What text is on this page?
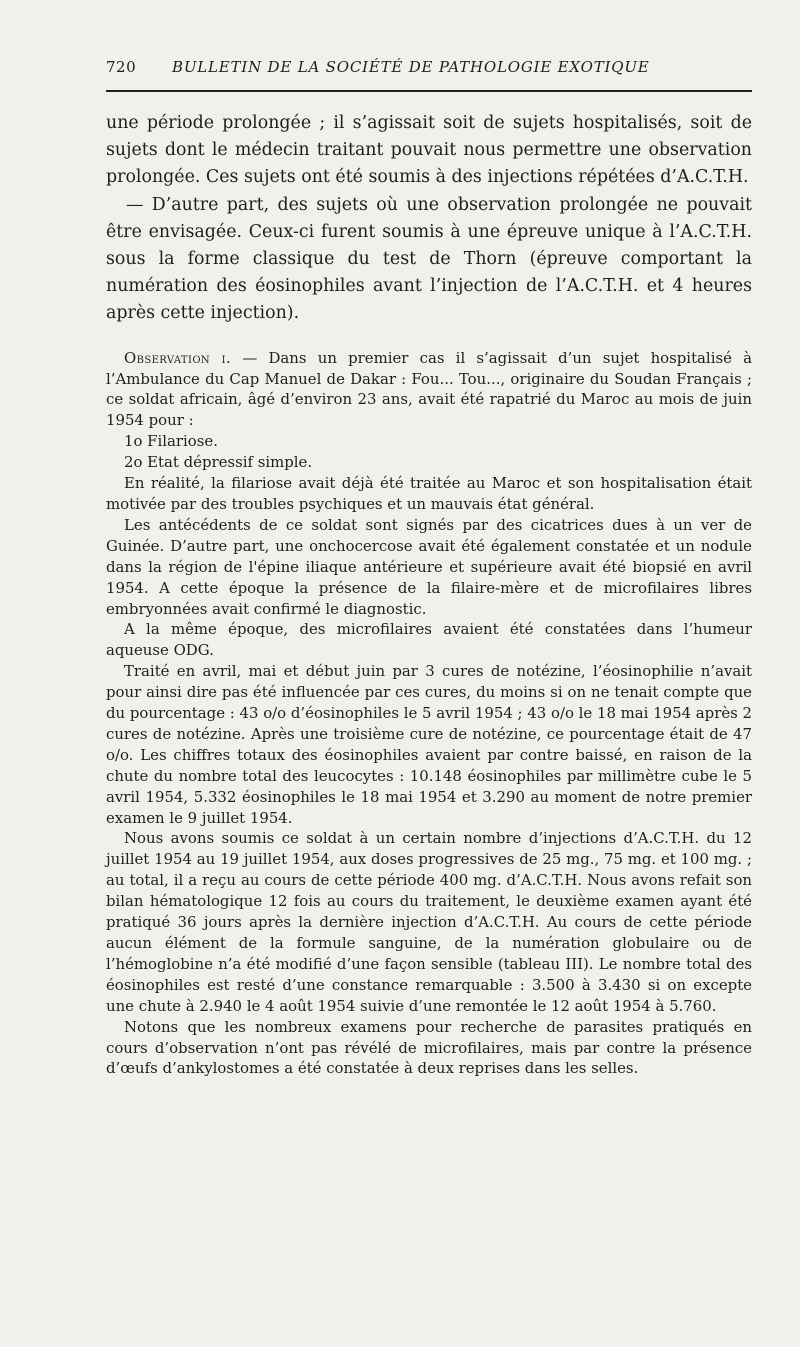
720	BULLETIN DE LA SOCIÉTÉ DE PATHOLOGIE EXOTIQUE

une période prolongée ; il s’agissait soit de sujets hospitalisés, soit de sujets dont le médecin traitant pouvait nous permettre une observation prolongée. Ces sujets ont été soumis à des injections répétées d’A.C.T.H.

— D’autre part, des sujets où une observation prolongée ne pouvait être envisagée. Ceux-ci furent soumis à une épreuve unique à l’A.C.T.H. sous la forme classique du test de Thorn (épreuve comportant la numération des éosinophiles avant l’injection de l’A.C.T.H. et 4 heures après cette injection).

Observation i. — Dans un premier cas il s’agissait d’un sujet hospitalisé à l’Ambulance du Cap Manuel de Dakar : Fou... Tou..., originaire du Soudan Français ; ce soldat africain, âgé d’environ 23 ans, avait été rapatrié du Maroc au mois de juin 1954 pour :

1o Filariose.

2o Etat dépressif simple.

En réalité, la filariose avait déjà été traitée au Maroc et son hospitalisation était motivée par des troubles psychiques et un mauvais état général.

Les antécédents de ce soldat sont signés par des cicatrices dues à un ver de Guinée. D’autre part, une onchocercose avait été également constatée et un nodule dans la région de l'épine iliaque antérieure et supérieure avait été biopsié en avril 1954. A cette époque la présence de la filaire-mère et de microfilaires libres embryonnées avait confirmé le diagnostic.

A la même époque, des microfilaires avaient été constatées dans l’humeur aqueuse ODG.

Traité en avril, mai et début juin par 3 cures de notézine, l’éosinophilie n’avait pour ainsi dire pas été influencée par ces cures, du moins si on ne tenait compte que du pourcentage : 43 o/o d’éosinophiles le 5 avril 1954 ; 43 o/o le 18 mai 1954 après 2 cures de notézine. Après une troisième cure de notézine, ce pourcentage était de 47 o/o. Les chiffres totaux des éosinophiles avaient par contre baissé, en raison de la chute du nombre total des leucocytes : 10.148 éosinophiles par millimètre cube le 5 avril 1954, 5.332 éosinophiles le 18 mai 1954 et 3.290 au moment de notre premier examen le 9 juillet 1954.

Nous avons soumis ce soldat à un certain nombre d’injections d’A.C.T.H. du 12 juillet 1954 au 19 juillet 1954, aux doses progressives de 25 mg., 75 mg. et 100 mg. ; au total, il a reçu au cours de cette période 400 mg. d’A.C.T.H. Nous avons refait son bilan hématologique 12 fois au cours du traitement, le deuxième examen ayant été pratiqué 36 jours après la dernière injection d’A.C.T.H. Au cours de cette période aucun élément de la formule sanguine, de la numération globulaire ou de l’hémoglobine n’a été modifié d’une façon sensible (tableau III). Le nombre total des éosinophiles est resté d’une constance remarquable : 3.500 à 3.430 si on excepte une chute à 2.940 le 4 août 1954 suivie d’une remontée le 12 août 1954 à 5.760.

Notons que les nombreux examens pour recherche de parasites pratiqués en cours d’observation n’ont pas révélé de microfilaires, mais par contre la présence d’œufs d’ankylostomes a été constatée à deux reprises dans les selles.
